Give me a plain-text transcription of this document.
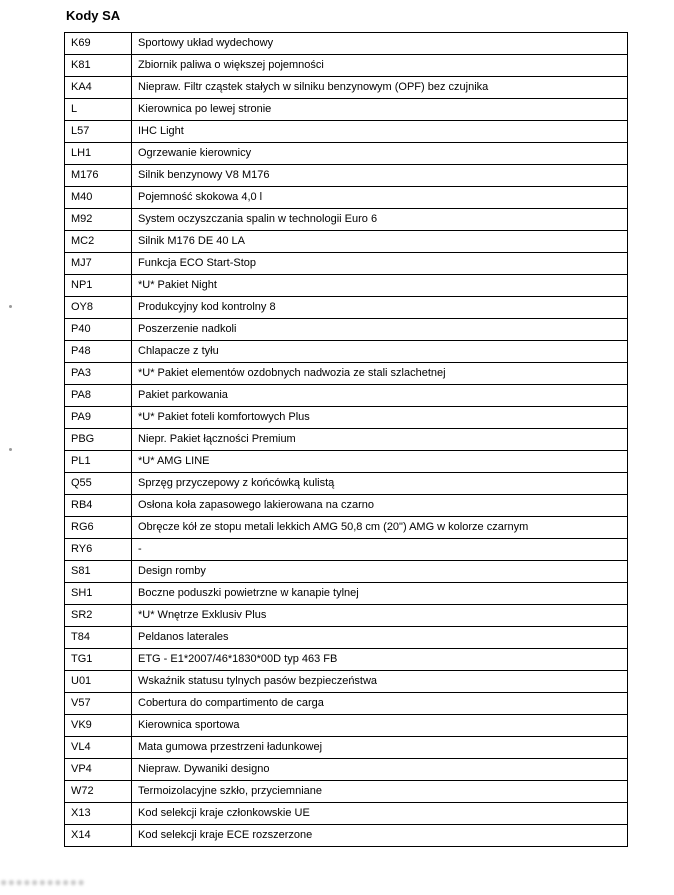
Kody SA
K69	Sportowy układ wydechowy
K81	Zbiornik paliwa o większej pojemności
KA4	Niepraw. Filtr cząstek stałych w silniku benzynowym (OPF) bez czujnika
L	Kierownica po lewej stronie
L57	IHC Light
LH1	Ogrzewanie kierownicy
M176	Silnik benzynowy V8 M176
M40	Pojemność skokowa 4,0 l
M92	System oczyszczania spalin w technologii Euro 6
MC2	Silnik M176 DE 40 LA
MJ7	Funkcja ECO Start-Stop
NP1	*U* Pakiet Night
OY8	Produkcyjny kod kontrolny 8
P40	Poszerzenie nadkoli
P48	Chlapacze z tyłu
PA3	*U* Pakiet elementów ozdobnych nadwozia ze stali szlachetnej
PA8	Pakiet parkowania
PA9	*U* Pakiet foteli komfortowych Plus
PBG	Niepr. Pakiet łączności Premium
PL1	*U* AMG LINE
Q55	Sprzęg przyczepowy z końcówką kulistą
RB4	Osłona koła zapasowego lakierowana na czarno
RG6	Obręcze kół ze stopu metali lekkich AMG 50,8 cm (20") AMG w kolorze czarnym
RY6	-
S81	Design romby
SH1	Boczne poduszki powietrzne w kanapie tylnej
SR2	*U* Wnętrze Exklusiv Plus
T84	Peldanos laterales
TG1	ETG - E1*2007/46*1830*00D typ 463 FB
U01	Wskaźnik statusu tylnych pasów bezpieczeństwa
V57	Cobertura do compartimento de carga
VK9	Kierownica sportowa
VL4	Mata gumowa przestrzeni ładunkowej
VP4	Niepraw. Dywaniki designo
W72	Termoizolacyjne szkło, przyciemniane
X13	Kod selekcji kraje członkowskie UE
X14	Kod selekcji kraje ECE rozszerzone
●●●●●●●●●●●
